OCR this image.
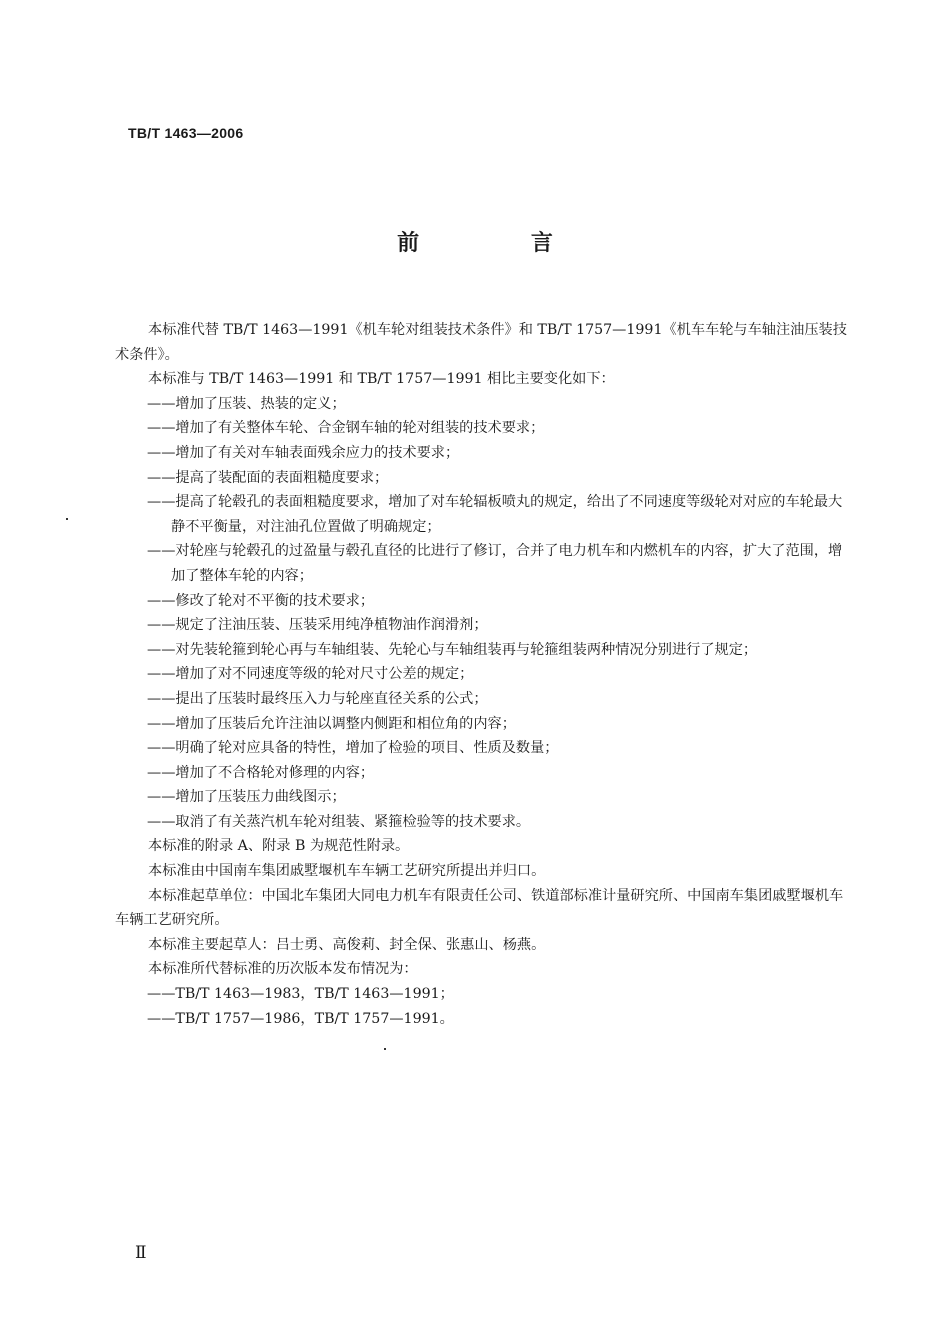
TB/T 1463—2006
前 言

本标准代替 TB/T 1463—1991《机车轮对组装技术条件》和 TB/T 1757—1991《机车车轮与车轴注油压装技术条件》。

本标准与 TB/T 1463—1991 和 TB/T 1757—1991 相比主要变化如下：

——增加了压装、热装的定义；
——增加了有关整体车轮、合金钢车轴的轮对组装的技术要求；
——增加了有关对车轴表面残余应力的技术要求；
——提高了装配面的表面粗糙度要求；
——提高了轮毂孔的表面粗糙度要求，增加了对车轮辐板喷丸的规定，给出了不同速度等级轮对对应的车轮最大静不平衡量，对注油孔位置做了明确规定；
——对轮座与轮毂孔的过盈量与毂孔直径的比进行了修订，合并了电力机车和内燃机车的内容，扩大了范围，增加了整体车轮的内容；
——修改了轮对不平衡的技术要求；
——规定了注油压装、压装采用纯净植物油作润滑剂；
——对先装轮箍到轮心再与车轴组装、先轮心与车轴组装再与轮箍组装两种情况分别进行了规定；
——增加了对不同速度等级的轮对尺寸公差的规定；
——提出了压装时最终压入力与轮座直径关系的公式；
——增加了压装后允许注油以调整内侧距和相位角的内容；
——明确了轮对应具备的特性，增加了检验的项目、性质及数量；
——增加了不合格轮对修理的内容；
——增加了压装压力曲线图示；
——取消了有关蒸汽机车轮对组装、紧箍检验等的技术要求。

本标准的附录 A、附录 B 为规范性附录。

本标准由中国南车集团戚墅堰机车车辆工艺研究所提出并归口。

本标准起草单位：中国北车集团大同电力机车有限责任公司、铁道部标准计量研究所、中国南车集团戚墅堰机车车辆工艺研究所。

本标准主要起草人：吕士勇、高俊莉、封全保、张惠山、杨燕。

本标准所代替标准的历次版本发布情况为：

——TB/T 1463—1983，TB/T 1463—1991；
——TB/T 1757—1986，TB/T 1757—1991。
Ⅱ
